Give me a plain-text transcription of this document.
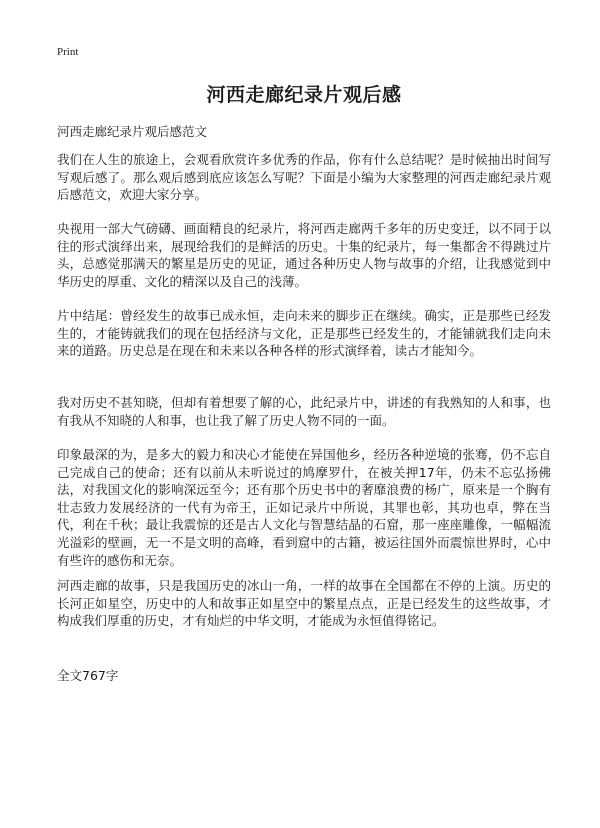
Print
河西走廊纪录片观后感

河西走廊纪录片观后感范文

我们在人生的旅途上，会观看欣赏许多优秀的作品，你有什么总结呢？是时候抽出时间写写观后感了。那么观后感到底应该怎么写呢？下面是小编为大家整理的河西走廊纪录片观后感范文，欢迎大家分享。

央视用一部大气磅礴、画面精良的纪录片，将河西走廊两千多年的历史变迁，以不同于以往的形式演绎出来，展现给我们的是鲜活的历史。十集的纪录片，每一集都舍不得跳过片头，总感觉那满天的繁星是历史的见证，通过各种历史人物与故事的介绍，让我感觉到中华历史的厚重、文化的精深以及自己的浅薄。

片中结尾：曾经发生的故事已成永恒，走向未来的脚步正在继续。确实，正是那些已经发生的，才能铸就我们的现在包括经济与文化，正是那些已经发生的，才能铺就我们走向未来的道路。历史总是在现在和未来以各种各样的形式演绎着，读古才能知今。

我对历史不甚知晓，但却有着想要了解的心，此纪录片中，讲述的有我熟知的人和事，也有我从不知晓的人和事，也让我了解了历史人物不同的一面。

印象最深的为，是多大的毅力和决心才能使在异国他乡，经历各种逆境的张骞，仍不忘自己完成自己的使命；还有以前从未听说过的鸠摩罗什，在被关押17年，仍未不忘弘扬佛法，对我国文化的影响深远至今；还有那个历史书中的奢靡浪费的杨广，原来是一个胸有壮志致力发展经济的一代有为帝王，正如记录片中所说，其罪也彰，其功也卓，弊在当代，利在千秋；最让我震惊的还是古人文化与智慧结晶的石窟，那一座座雕像，一幅幅流光溢彩的壁画，无一不是文明的高峰，看到窟中的古籍，被运往国外而震惊世界时，心中有些许的感伤和无奈。

河西走廊的故事，只是我国历史的冰山一角，一样的故事在全国都在不停的上演。历史的长河正如星空，历史中的人和故事正如星空中的繁星点点，正是已经发生的这些故事，才构成我们厚重的历史，才有灿烂的中华文明，才能成为永恒值得铭记。

全文767字
